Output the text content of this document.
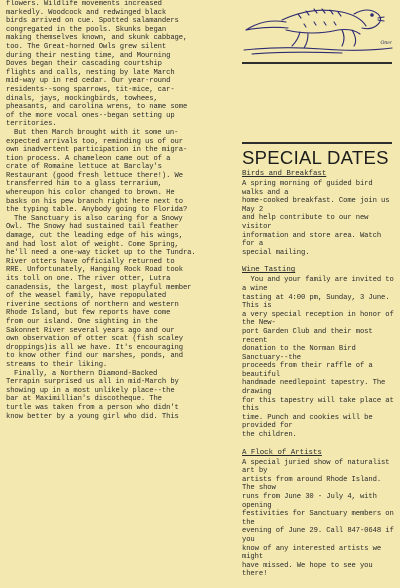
flowers. Wildlife movements increased
markedly. Woodcock and redwinged black
birds arrived on cue. Spotted salamanders
congregated in the pools. Skunks began
making themselves known, and skunk cabbage,
too. The Great-horned Owls grew silent
during their nesting time, and Mourning
Doves began their cascading courtship
flights and calls, nesting by late March
mid-way up in red cedar. Our year-round
residents--song sparrows, tit-mice, car-
dinals, jays, mockingbirds, towhees,
pheasants, and carolina wrens, to name some
of the more vocal ones--began setting up
territories.

But then March brought with it some un-
expected arrivals too, reminding us of our
own inadvertent participation in the migra-
tion process. A chameleon came out of a
crate of Romaine lettuce at Barclay's
Restaurant (good fresh lettuce there!). We
transferred him to a glass terrarium,
whereupon his color changed to brown. He
basks on his pew branch right here next to
the typing table. Anybody going to Florida?

The Sanctuary is also caring for a Snowy
Owl. The Snowy had sustained tail feather
damage, cut the leading edge of his wings,
and had lost alot of weight. Come Spring,
he'll need a one-way ticket up to the Tundra.
River otters have officially returned to
RRE. Unfortunately, Hanging Rock Road took
its toll on one. The river otter, Lutra
canadensis, the largest, most playful member
of the weasel family, have repopulated
riverine sections of northern and western
Rhode Island, but few reports have come
from our island. One sighting in the
Sakonnet River several years ago and our
own observation of otter scat (fish scaley
droppings)is all we have. It's encouraging
to know other find our marshes, ponds, and
streams to their liking.

Finally, a Northern Diamond-Backed
Terrapin surprised us all in mid-March by
showing up in a most unlikely place--the
bar at Maximillian's discotheque. The
turtle was taken from a person who didn't
know better by a young girl who did. This

Otter
SPECIAL DATES
Birds and Breakfast

A spring morning of guided bird walks and a
home-cooked breakfast. Come join us May 2
and help contribute to our new visitor
information and store area. Watch for a
special mailing.

Wine Tasting

You and your family are invited to a wine
tasting at 4:00 pm, Sunday, 3 June. This is
a very special reception in honor of the New-
port Garden Club and their most recent
donation to the Norman Bird Sanctuary--the
proceeds from their raffle of a beautiful
handmade needlepoint tapestry. The drawing
for this tapestry will take place at this
time. Punch and cookies will be provided for
the children.

A Flock of Artists

A special juried show of naturalist art by
artists from around Rhode Island. The show
runs from June 30 - July 4, with opening
festivities for Sanctuary members on the
evening of June 29. Call 847-0648 if you
know of any interested artists we might
have missed. We hope to see you there!
